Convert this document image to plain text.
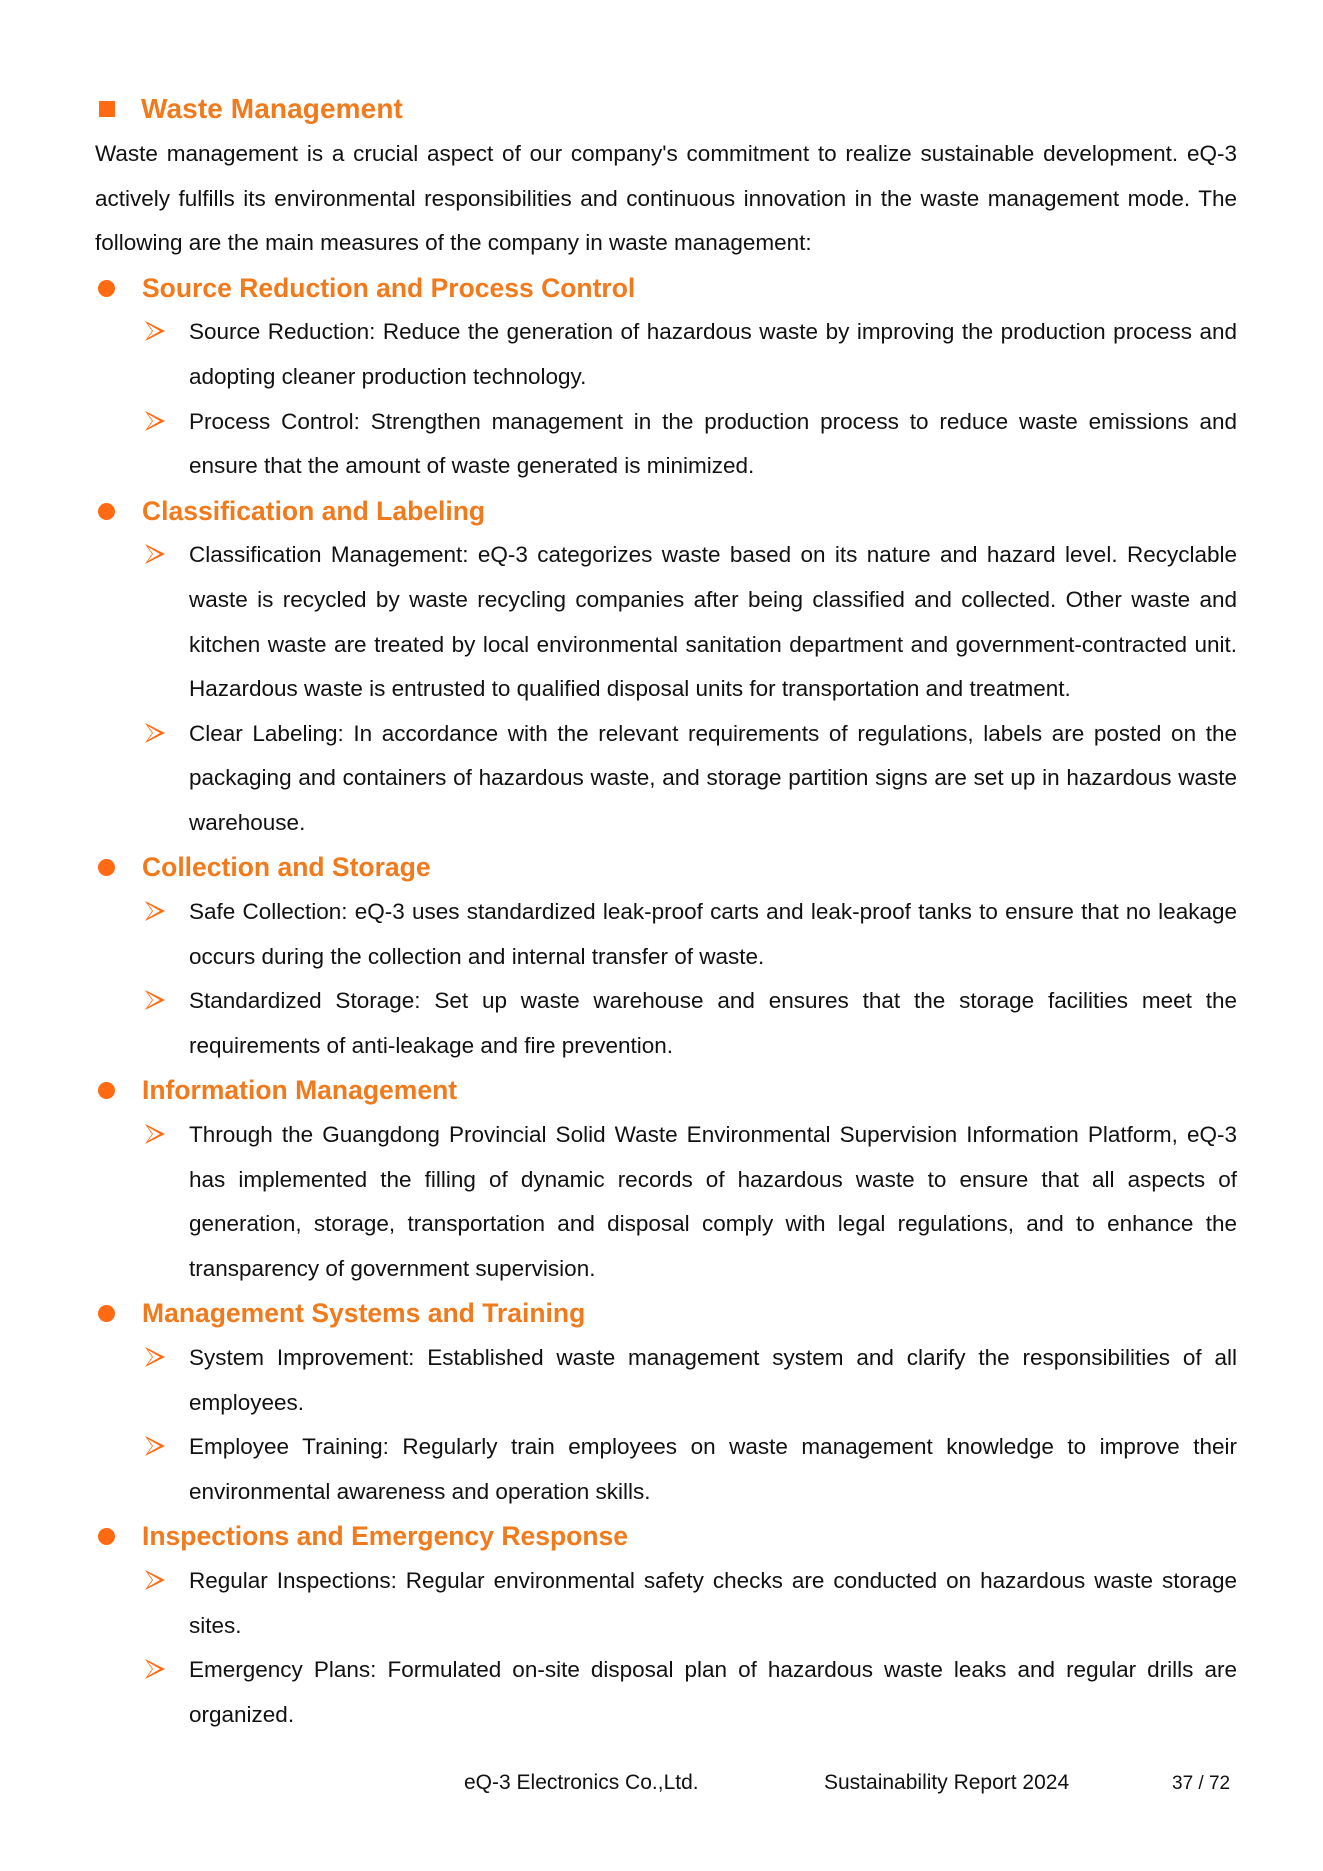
Waste Management

Waste management is a crucial aspect of our company's commitment to realize sustainable development. eQ-3 actively fulfills its environmental responsibilities and continuous innovation in the waste management mode. The following are the main measures of the company in waste management:

Source Reduction and Process Control
Source Reduction: Reduce the generation of hazardous waste by improving the production process and adopting cleaner production technology.
Process Control: Strengthen management in the production process to reduce waste emissions and ensure that the amount of waste generated is minimized.
Classification and Labeling
Classification Management: eQ-3 categorizes waste based on its nature and hazard level. Recyclable waste is recycled by waste recycling companies after being classified and collected. Other waste and kitchen waste are treated by local environmental sanitation department and government-contracted unit. Hazardous waste is entrusted to qualified disposal units for transportation and treatment.
Clear Labeling: In accordance with the relevant requirements of regulations, labels are posted on the packaging and containers of hazardous waste, and storage partition signs are set up in hazardous waste warehouse.
Collection and Storage
Safe Collection: eQ-3 uses standardized leak-proof carts and leak-proof tanks to ensure that no leakage occurs during the collection and internal transfer of waste.
Standardized Storage: Set up waste warehouse and ensures that the storage facilities meet the requirements of anti-leakage and fire prevention.
Information Management
Through the Guangdong Provincial Solid Waste Environmental Supervision Information Platform, eQ-3 has implemented the filling of dynamic records of hazardous waste to ensure that all aspects of generation, storage, transportation and disposal comply with legal regulations, and to enhance the transparency of government supervision.
Management Systems and Training
System Improvement: Established waste management system and clarify the responsibilities of all employees.
Employee Training: Regularly train employees on waste management knowledge to improve their environmental awareness and operation skills.
Inspections and Emergency Response
Regular Inspections: Regular environmental safety checks are conducted on hazardous waste storage sites.
Emergency Plans: Formulated on-site disposal plan of hazardous waste leaks and regular drills are organized.
eQ-3 Electronics Co.,Ltd.	Sustainability Report 2024	37 / 72
